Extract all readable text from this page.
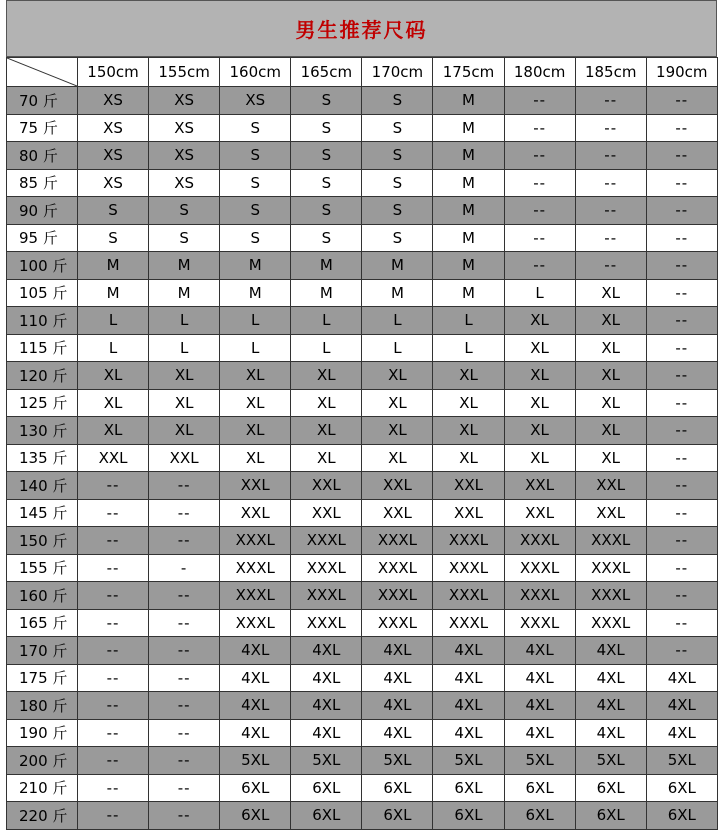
男生推荐尺码
	150cm	155cm	160cm	165cm	170cm	175cm	180cm	185cm	190cm
70 斤	XS	XS	XS	S	S	M	--	--	--
75 斤	XS	XS	S	S	S	M	--	--	--
80 斤	XS	XS	S	S	S	M	--	--	--
85 斤	XS	XS	S	S	S	M	--	--	--
90 斤	S	S	S	S	S	M	--	--	--
95 斤	S	S	S	S	S	M	--	--	--
100 斤	M	M	M	M	M	M	--	--	--
105 斤	M	M	M	M	M	M	L	XL	--
110 斤	L	L	L	L	L	L	XL	XL	--
115 斤	L	L	L	L	L	L	XL	XL	--
120 斤	XL	XL	XL	XL	XL	XL	XL	XL	--
125 斤	XL	XL	XL	XL	XL	XL	XL	XL	--
130 斤	XL	XL	XL	XL	XL	XL	XL	XL	--
135 斤	XXL	XXL	XL	XL	XL	XL	XL	XL	--
140 斤	--	--	XXL	XXL	XXL	XXL	XXL	XXL	--
145 斤	--	--	XXL	XXL	XXL	XXL	XXL	XXL	--
150 斤	--	--	XXXL	XXXL	XXXL	XXXL	XXXL	XXXL	--
155 斤	--	-	XXXL	XXXL	XXXL	XXXL	XXXL	XXXL	--
160 斤	--	--	XXXL	XXXL	XXXL	XXXL	XXXL	XXXL	--
165 斤	--	--	XXXL	XXXL	XXXL	XXXL	XXXL	XXXL	--
170 斤	--	--	4XL	4XL	4XL	4XL	4XL	4XL	--
175 斤	--	--	4XL	4XL	4XL	4XL	4XL	4XL	4XL
180 斤	--	--	4XL	4XL	4XL	4XL	4XL	4XL	4XL
190 斤	--	--	4XL	4XL	4XL	4XL	4XL	4XL	4XL
200 斤	--	--	5XL	5XL	5XL	5XL	5XL	5XL	5XL
210 斤	--	--	6XL	6XL	6XL	6XL	6XL	6XL	6XL
220 斤	--	--	6XL	6XL	6XL	6XL	6XL	6XL	6XL
